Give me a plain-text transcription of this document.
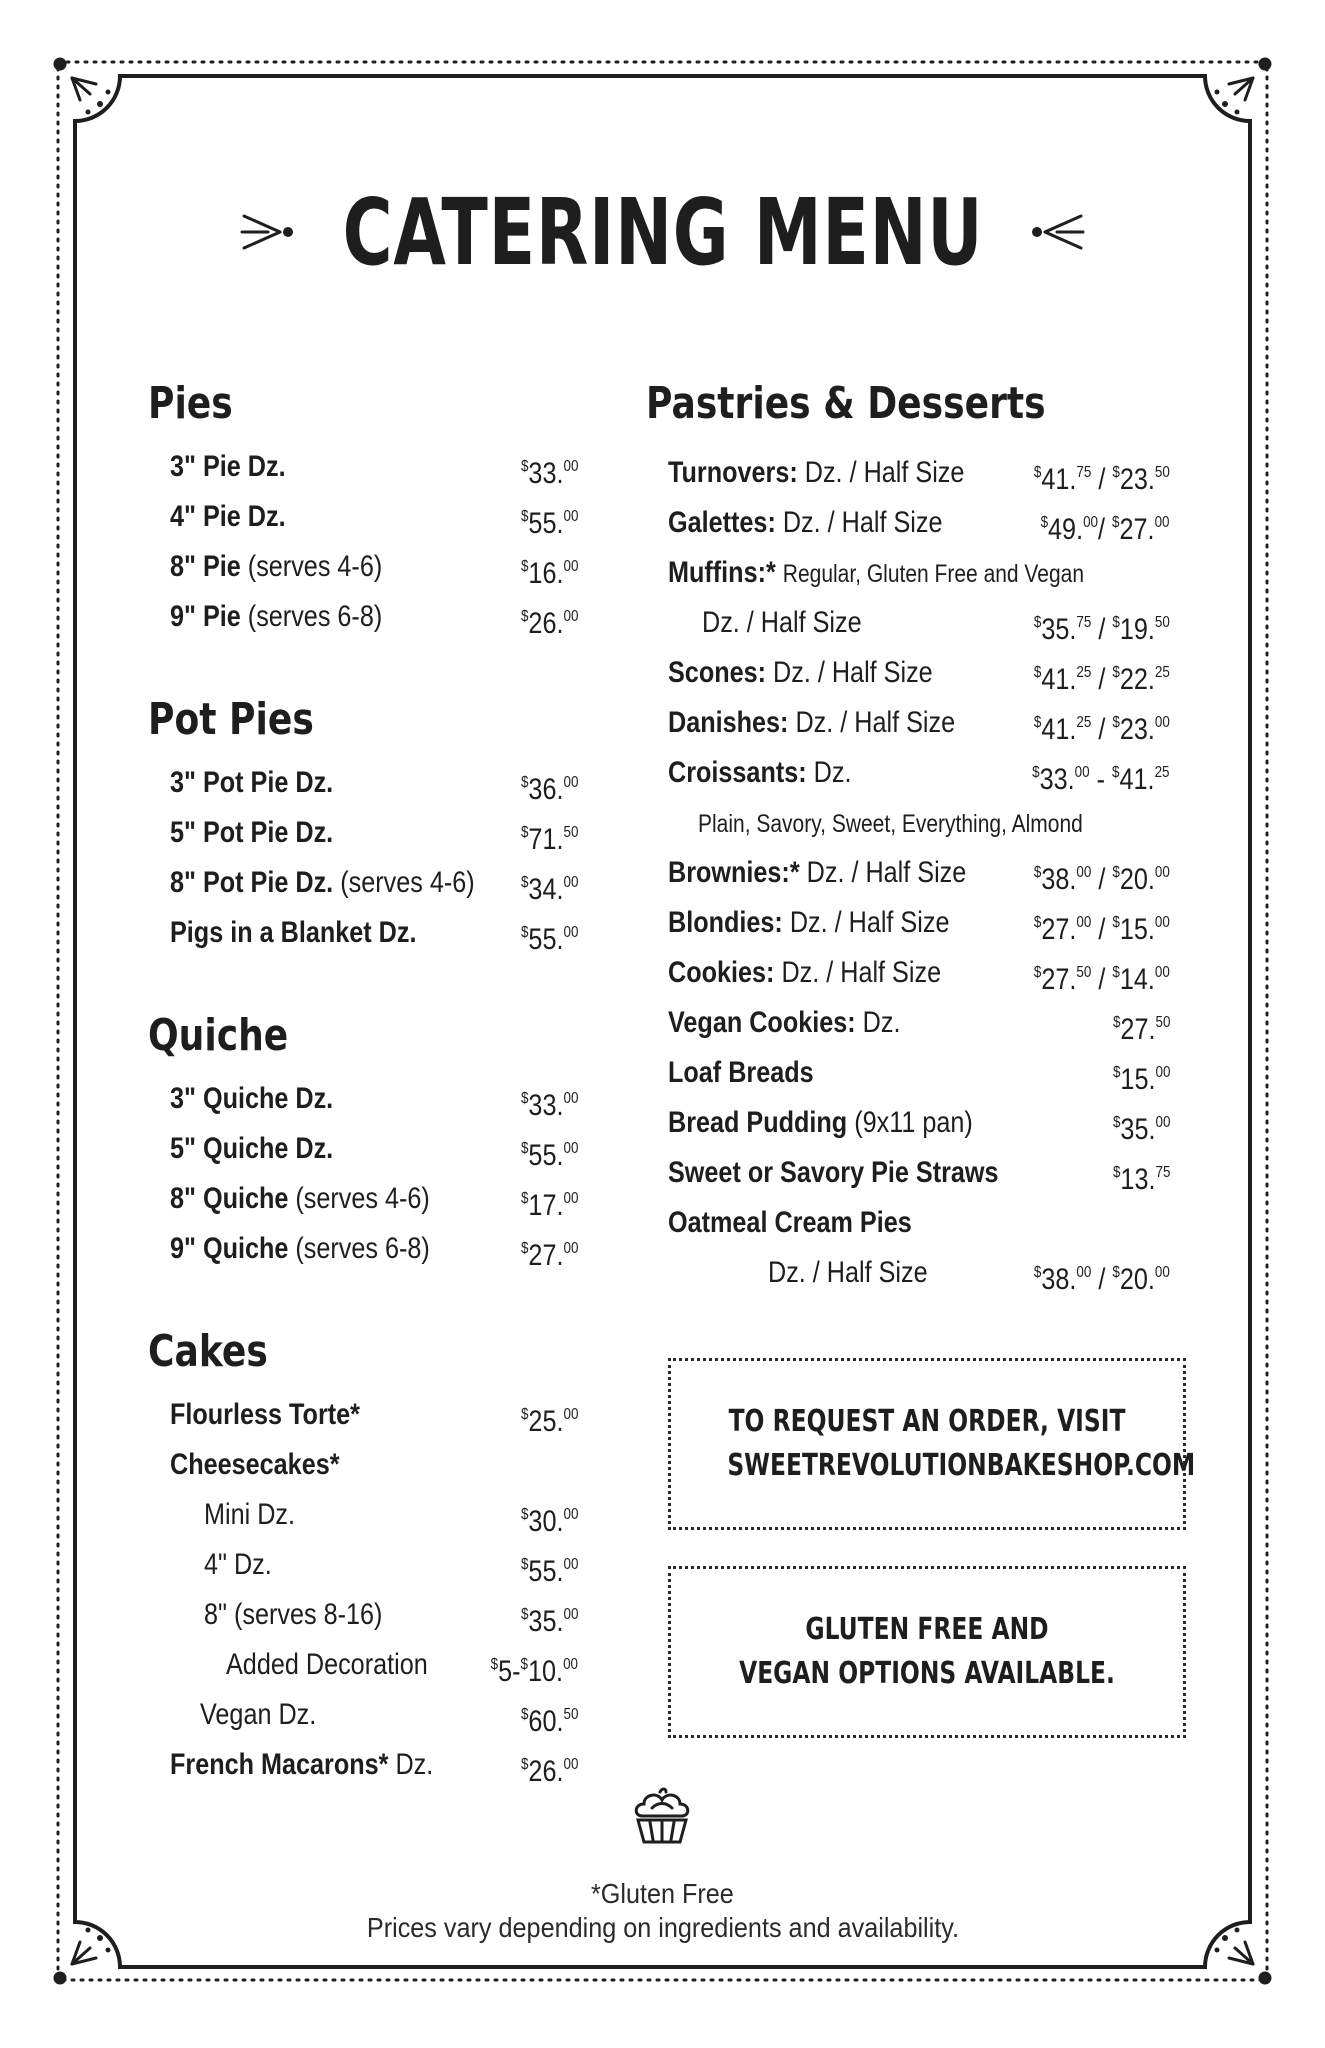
CATERING MENU
Pies
3" Pie Dz.	$33.00
4" Pie Dz.	$55.00
8" Pie (serves 4-6)	$16.00
9" Pie (serves 6-8)	$26.00
Pot Pies
3" Pot Pie Dz.	$36.00
5" Pot Pie Dz.	$71.50
8" Pot Pie Dz. (serves 4-6)	$34.00
Pigs in a Blanket Dz.	$55.00
Quiche
3" Quiche Dz.	$33.00
5" Quiche Dz.	$55.00
8" Quiche (serves 4-6)	$17.00
9" Quiche (serves 6-8)	$27.00
Cakes
Flourless Torte*	$25.00
Cheesecakes*
Mini Dz.	$30.00
4" Dz.	$55.00
8" (serves 8-16)	$35.00
Added Decoration	$5-$10.00
Vegan Dz.	$60.50
French Macarons* Dz.	$26.00
Pastries & Desserts
Turnovers: Dz. / Half Size	$41.75 / $23.50
Galettes: Dz. / Half Size	$49.00/ $27.00
Muffins:* Regular, Gluten Free and Vegan
Dz. / Half Size	$35.75 / $19.50
Scones: Dz. / Half Size	$41.25 / $22.25
Danishes: Dz. / Half Size	$41.25 / $23.00
Croissants: Dz.	$33.00 - $41.25
Plain, Savory, Sweet, Everything, Almond
Brownies:* Dz. / Half Size	$38.00 / $20.00
Blondies: Dz. / Half Size	$27.00 / $15.00
Cookies: Dz. / Half Size	$27.50 / $14.00
Vegan Cookies: Dz.	$27.50
Loaf Breads	$15.00
Bread Pudding (9x11 pan)	$35.00
Sweet or Savory Pie Straws	$13.75
Oatmeal Cream Pies
Dz. / Half Size	$38.00 / $20.00
TO REQUEST AN ORDER, VISIT
SWEETREVOLUTIONBAKESHOP.COM
GLUTEN FREE AND
VEGAN OPTIONS AVAILABLE.
*Gluten Free
Prices vary depending on ingredients and availability.
